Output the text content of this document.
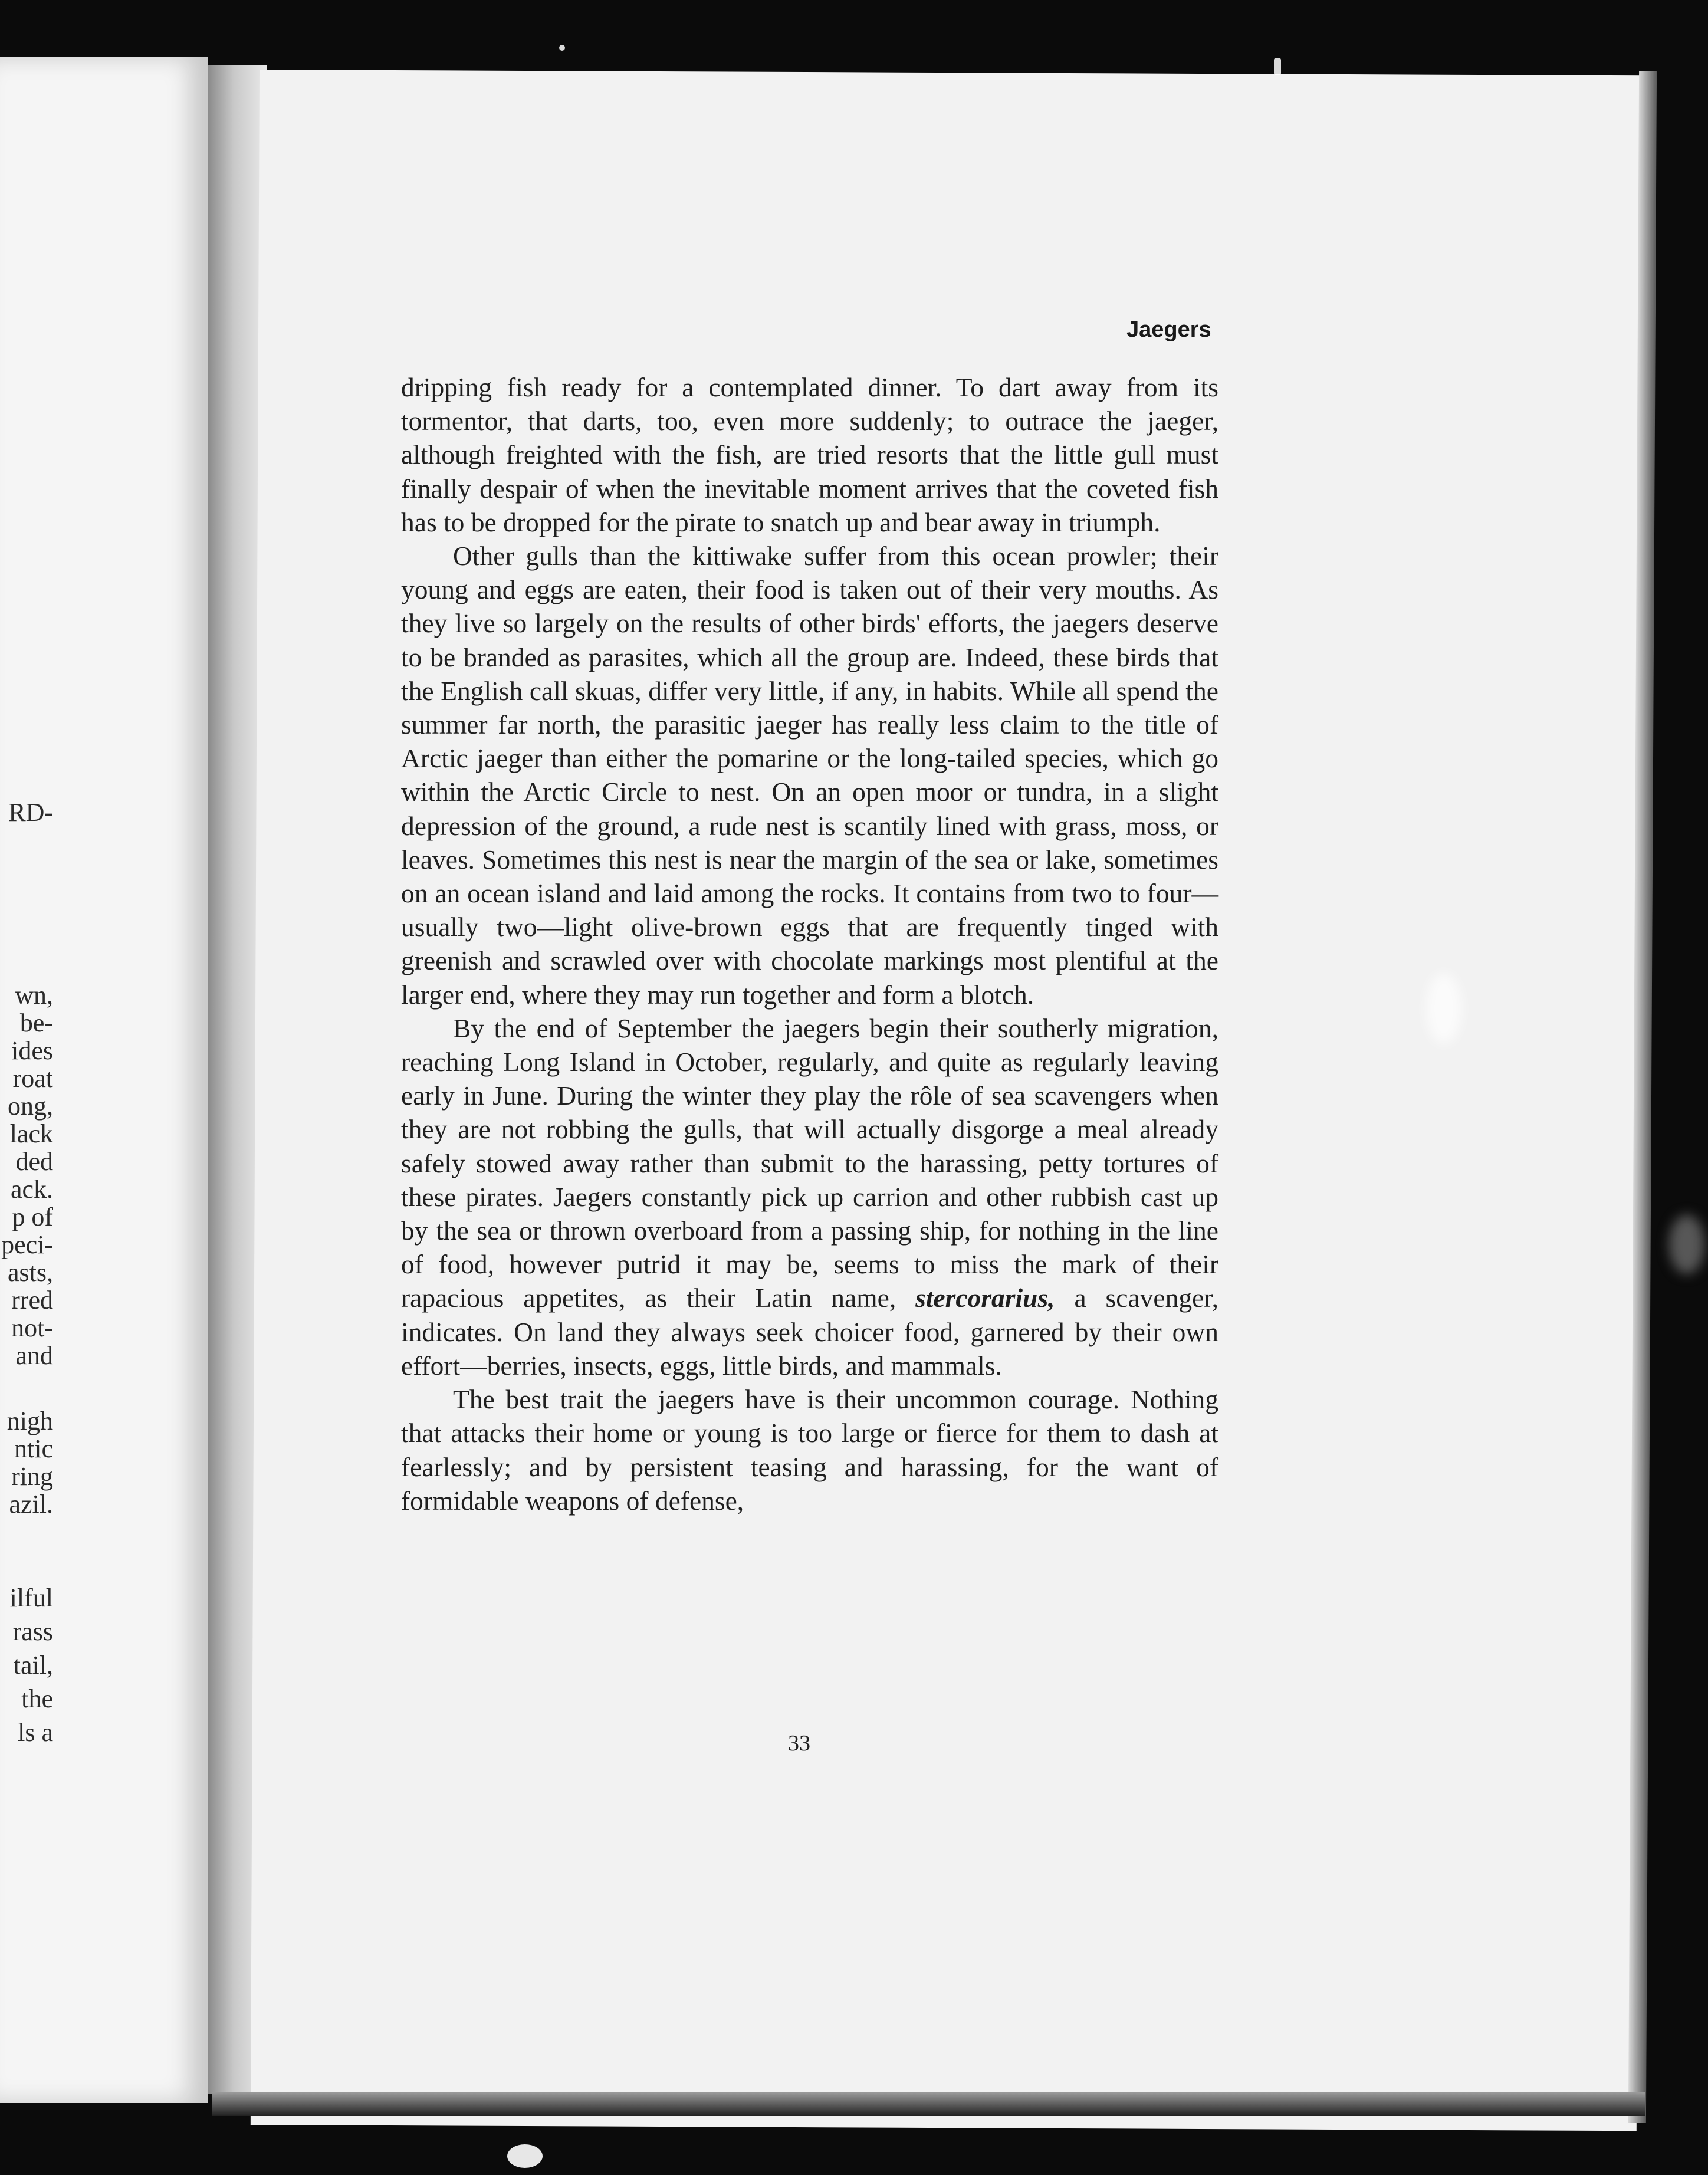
RD-
wn,
be-
ides
roat
ong,
lack
ded
ack.
p of
peci-
asts,
rred
not-
and
nigh
ntic
ring
azil.
ilful
rass
tail,
the
ls a
Jaegers

dripping fish ready for a contemplated dinner. To dart away from its tormentor, that darts, too, even more suddenly; to outrace the jaeger, although freighted with the fish, are tried resorts that the little gull must finally despair of when the inevitable moment arrives that the coveted fish has to be dropped for the pirate to snatch up and bear away in triumph.

Other gulls than the kittiwake suffer from this ocean prowler; their young and eggs are eaten, their food is taken out of their very mouths. As they live so largely on the results of other birds' efforts, the jaegers deserve to be branded as parasites, which all the group are. Indeed, these birds that the English call skuas, differ very little, if any, in habits. While all spend the summer far north, the parasitic jaeger has really less claim to the title of Arctic jaeger than either the pomarine or the long-tailed species, which go within the Arctic Circle to nest. On an open moor or tundra, in a slight depression of the ground, a rude nest is scantily lined with grass, moss, or leaves. Sometimes this nest is near the margin of the sea or lake, sometimes on an ocean island and laid among the rocks. It contains from two to four—usually two—light olive-brown eggs that are frequently tinged with greenish and scrawled over with chocolate markings most plentiful at the larger end, where they may run together and form a blotch.

By the end of September the jaegers begin their southerly migration, reaching Long Island in October, regularly, and quite as regularly leaving early in June. During the winter they play the rôle of sea scavengers when they are not robbing the gulls, that will actually disgorge a meal already safely stowed away rather than submit to the harassing, petty tortures of these pirates. Jaegers constantly pick up carrion and other rubbish cast up by the sea or thrown overboard from a passing ship, for nothing in the line of food, however putrid it may be, seems to miss the mark of their rapacious appetites, as their Latin name, stercorarius, a scavenger, indicates. On land they always seek choicer food, garnered by their own effort—berries, insects, eggs, little birds, and mammals.

The best trait the jaegers have is their uncommon courage. Nothing that attacks their home or young is too large or fierce for them to dash at fearlessly; and by persistent teasing and harassing, for the want of formidable weapons of defense,

33
